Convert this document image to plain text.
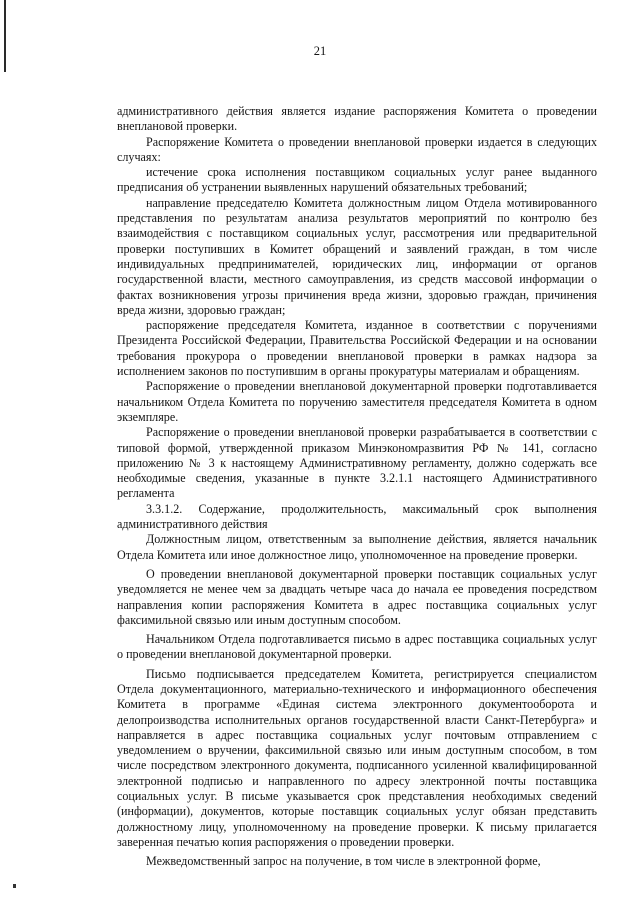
21

административного действия является издание распоряжения Комитета о проведении внеплановой проверки.

Распоряжение Комитета о проведении внеплановой проверки издается в следующих случаях:

истечение срока исполнения поставщиком социальных услуг ранее выданного предписания об устранении выявленных нарушений обязательных требований;

направление председателю Комитета должностным лицом Отдела мотивированного представления по результатам анализа результатов мероприятий по контролю без взаимодействия с поставщиком социальных услуг, рассмотрения или предварительной проверки поступивших в Комитет обращений и заявлений граждан, в том числе индивидуальных предпринимателей, юридических лиц, информации от органов государственной власти, местного самоуправления, из средств массовой информации о фактах возникновения угрозы причинения вреда жизни, здоровью граждан, причинения вреда жизни, здоровью граждан;

распоряжение председателя Комитета, изданное в соответствии с поручениями Президента Российской Федерации, Правительства Российской Федерации и на основании требования прокурора о проведении внеплановой проверки в рамках надзора за исполнением законов по поступившим в органы прокуратуры материалам и обращениям.

Распоряжение о проведении внеплановой документарной проверки подготавливается начальником Отдела Комитета по поручению заместителя председателя Комитета в одном экземпляре.

Распоряжение о проведении внеплановой проверки разрабатывается в соответствии с типовой формой, утвержденной приказом Минэкономразвития РФ № 141, согласно приложению № 3 к настоящему Административному регламенту, должно содержать все необходимые сведения, указанные в пункте 3.2.1.1 настоящего Административного регламента

3.3.1.2. Содержание, продолжительность, максимальный срок выполнения административного действия

Должностным лицом, ответственным за выполнение действия, является начальник Отдела Комитета или иное должностное лицо, уполномоченное на проведение проверки.

О проведении внеплановой документарной проверки поставщик социальных услуг уведомляется не менее чем за двадцать четыре часа до начала ее проведения посредством направления копии распоряжения Комитета в адрес поставщика социальных услуг факсимильной связью или иным доступным способом.

Начальником Отдела подготавливается письмо в адрес поставщика социальных услуг о проведении внеплановой документарной проверки.

Письмо подписывается председателем Комитета, регистрируется специалистом Отдела документационного, материально-технического и информационного обеспечения Комитета в программе «Единая система электронного документооборота и делопроизводства исполнительных органов государственной власти Санкт-Петербурга» и направляется в адрес поставщика социальных услуг почтовым отправлением с уведомлением о вручении, факсимильной связью или иным доступным способом, в том числе посредством электронного документа, подписанного усиленной квалифицированной электронной подписью и направленного по адресу электронной почты поставщика социальных услуг. В письме указывается срок представления необходимых сведений (информации), документов, которые поставщик социальных услуг обязан представить должностному лицу, уполномоченному на проведение проверки. К письму прилагается заверенная печатью копия распоряжения о проведении проверки.

Межведомственный запрос на получение, в том числе в электронной форме,
